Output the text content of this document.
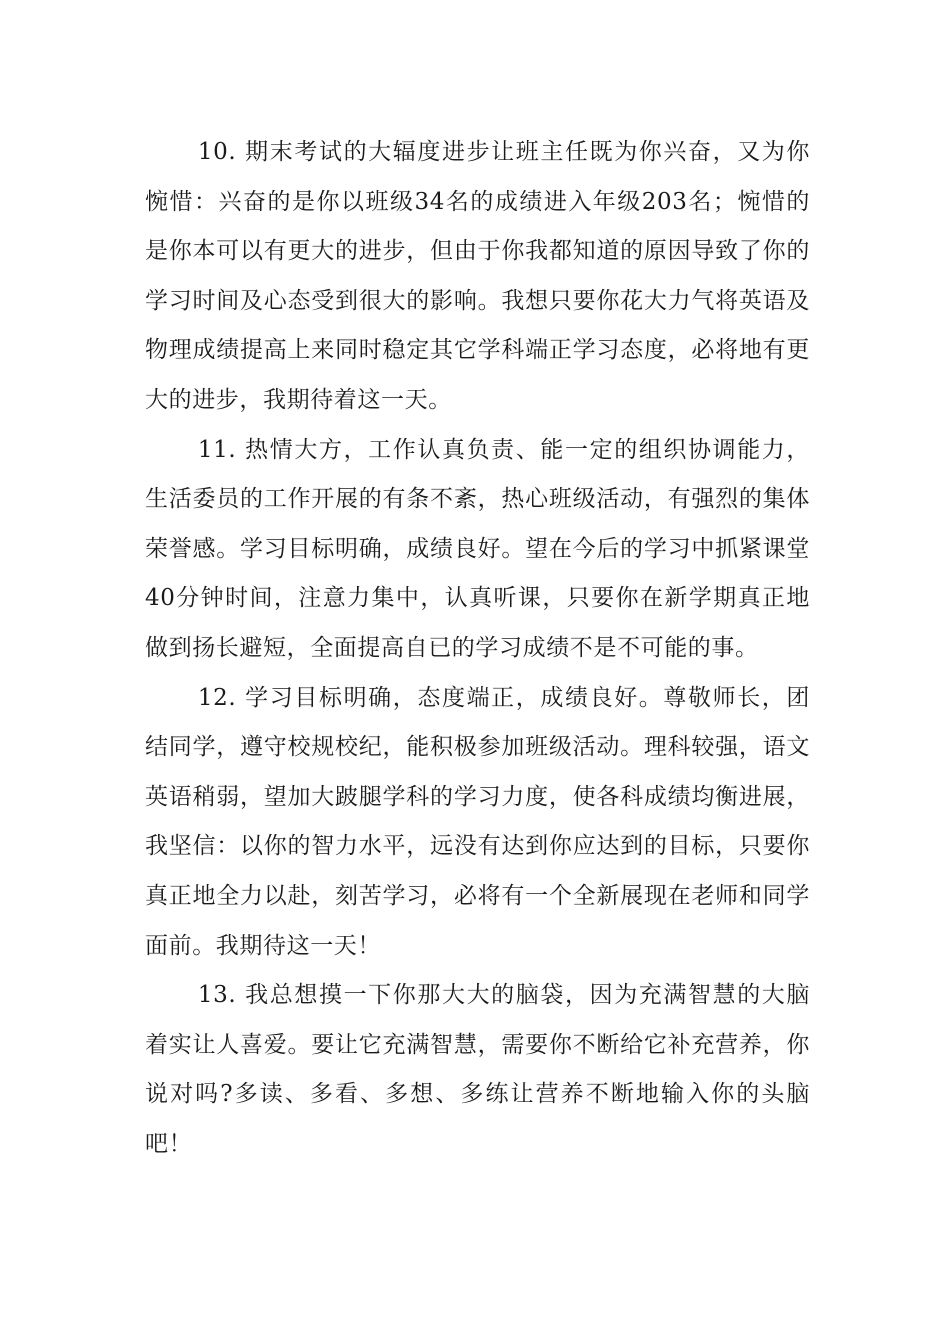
10. 期末考试的大辐度进步让班主任既为你兴奋，又为你惋惜：兴奋的是你以班级34名的成绩进入年级203名；惋惜的是你本可以有更大的进步，但由于你我都知道的原因导致了你的学习时间及心态受到很大的影响。我想只要你花大力气将英语及物理成绩提高上来同时稳定其它学科端正学习态度，必将地有更大的进步，我期待着这一天。

11. 热情大方，工作认真负责、能一定的组织协调能力，生活委员的工作开展的有条不紊，热心班级活动，有强烈的集体荣誉感。学习目标明确，成绩良好。望在今后的学习中抓紧课堂40分钟时间，注意力集中，认真听课，只要你在新学期真正地做到扬长避短，全面提高自已的学习成绩不是不可能的事。

12. 学习目标明确，态度端正，成绩良好。尊敬师长，团结同学，遵守校规校纪，能积极参加班级活动。理科较强，语文英语稍弱，望加大跛腿学科的学习力度，使各科成绩均衡进展，我坚信：以你的智力水平，远没有达到你应达到的目标，只要你真正地全力以赴，刻苦学习，必将有一个全新展现在老师和同学面前。我期待这一天！

13. 我总想摸一下你那大大的脑袋，因为充满智慧的大脑着实让人喜爱。要让它充满智慧，需要你不断给它补充营养，你说对吗?多读、多看、多想、多练让营养不断地输入你的头脑吧！
